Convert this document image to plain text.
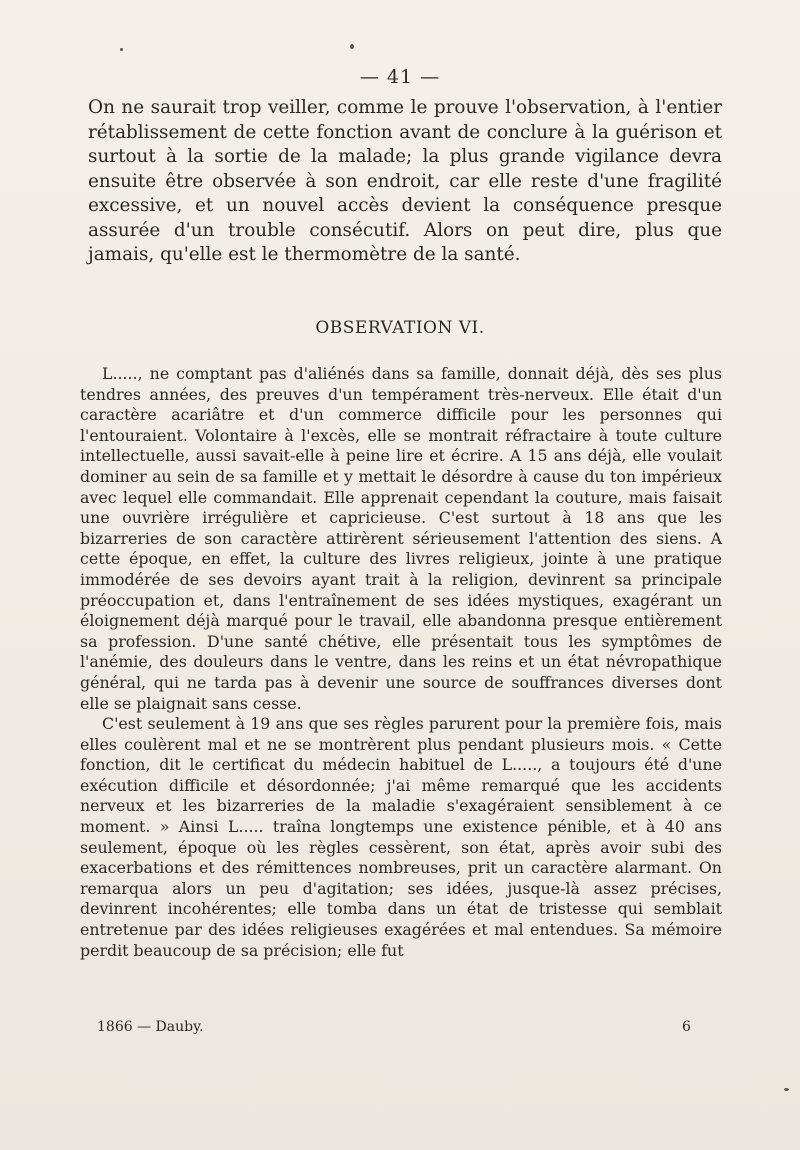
— 41 —

On ne saurait trop veiller, comme le prouve l'observation, à l'entier rétablissement de cette fonction avant de conclure à la guérison et surtout à la sortie de la malade; la plus grande vigilance devra ensuite être observée à son endroit, car elle reste d'une fragilité excessive, et un nouvel accès devient la conséquence presque assurée d'un trouble consécutif. Alors on peut dire, plus que jamais, qu'elle est le thermomètre de la santé.

OBSERVATION VI.

L....., ne comptant pas d'aliénés dans sa famille, donnait déjà, dès ses plus tendres années, des preuves d'un tempérament très-nerveux. Elle était d'un caractère acariâtre et d'un commerce difficile pour les personnes qui l'entouraient. Volontaire à l'excès, elle se montrait réfractaire à toute culture intellectuelle, aussi savait-elle à peine lire et écrire. A 15 ans déjà, elle voulait dominer au sein de sa famille et y mettait le désordre à cause du ton impérieux avec lequel elle commandait. Elle apprenait cependant la couture, mais faisait une ouvrière irrégulière et capricieuse. C'est surtout à 18 ans que les bizarreries de son caractère attirèrent sérieusement l'attention des siens. A cette époque, en effet, la culture des livres religieux, jointe à une pratique immodérée de ses devoirs ayant trait à la religion, devinrent sa principale préoccupation et, dans l'entraînement de ses idées mystiques, exagérant un éloignement déjà marqué pour le travail, elle abandonna presque entièrement sa profession. D'une santé chétive, elle présentait tous les symptômes de l'anémie, des douleurs dans le ventre, dans les reins et un état névropathique général, qui ne tarda pas à devenir une source de souffrances diverses dont elle se plaignait sans cesse.

C'est seulement à 19 ans que ses règles parurent pour la première fois, mais elles coulèrent mal et ne se montrèrent plus pendant plusieurs mois. « Cette fonction, dit le certificat du médecin habituel de L....., a toujours été d'une exécution difficile et désordonnée; j'ai même remarqué que les accidents nerveux et les bizarreries de la maladie s'exagéraient sensiblement à ce moment. » Ainsi L..... traîna longtemps une existence pénible, et à 40 ans seulement, époque où les règles cessèrent, son état, après avoir subi des exacerbations et des rémittences nombreuses, prit un caractère alarmant. On remarqua alors un peu d'agitation; ses idées, jusque-là assez précises, devinrent incohérentes; elle tomba dans un état de tristesse qui semblait entretenue par des idées religieuses exagérées et mal entendues. Sa mémoire perdit beaucoup de sa précision; elle fut

1866 — Dauby.	6
